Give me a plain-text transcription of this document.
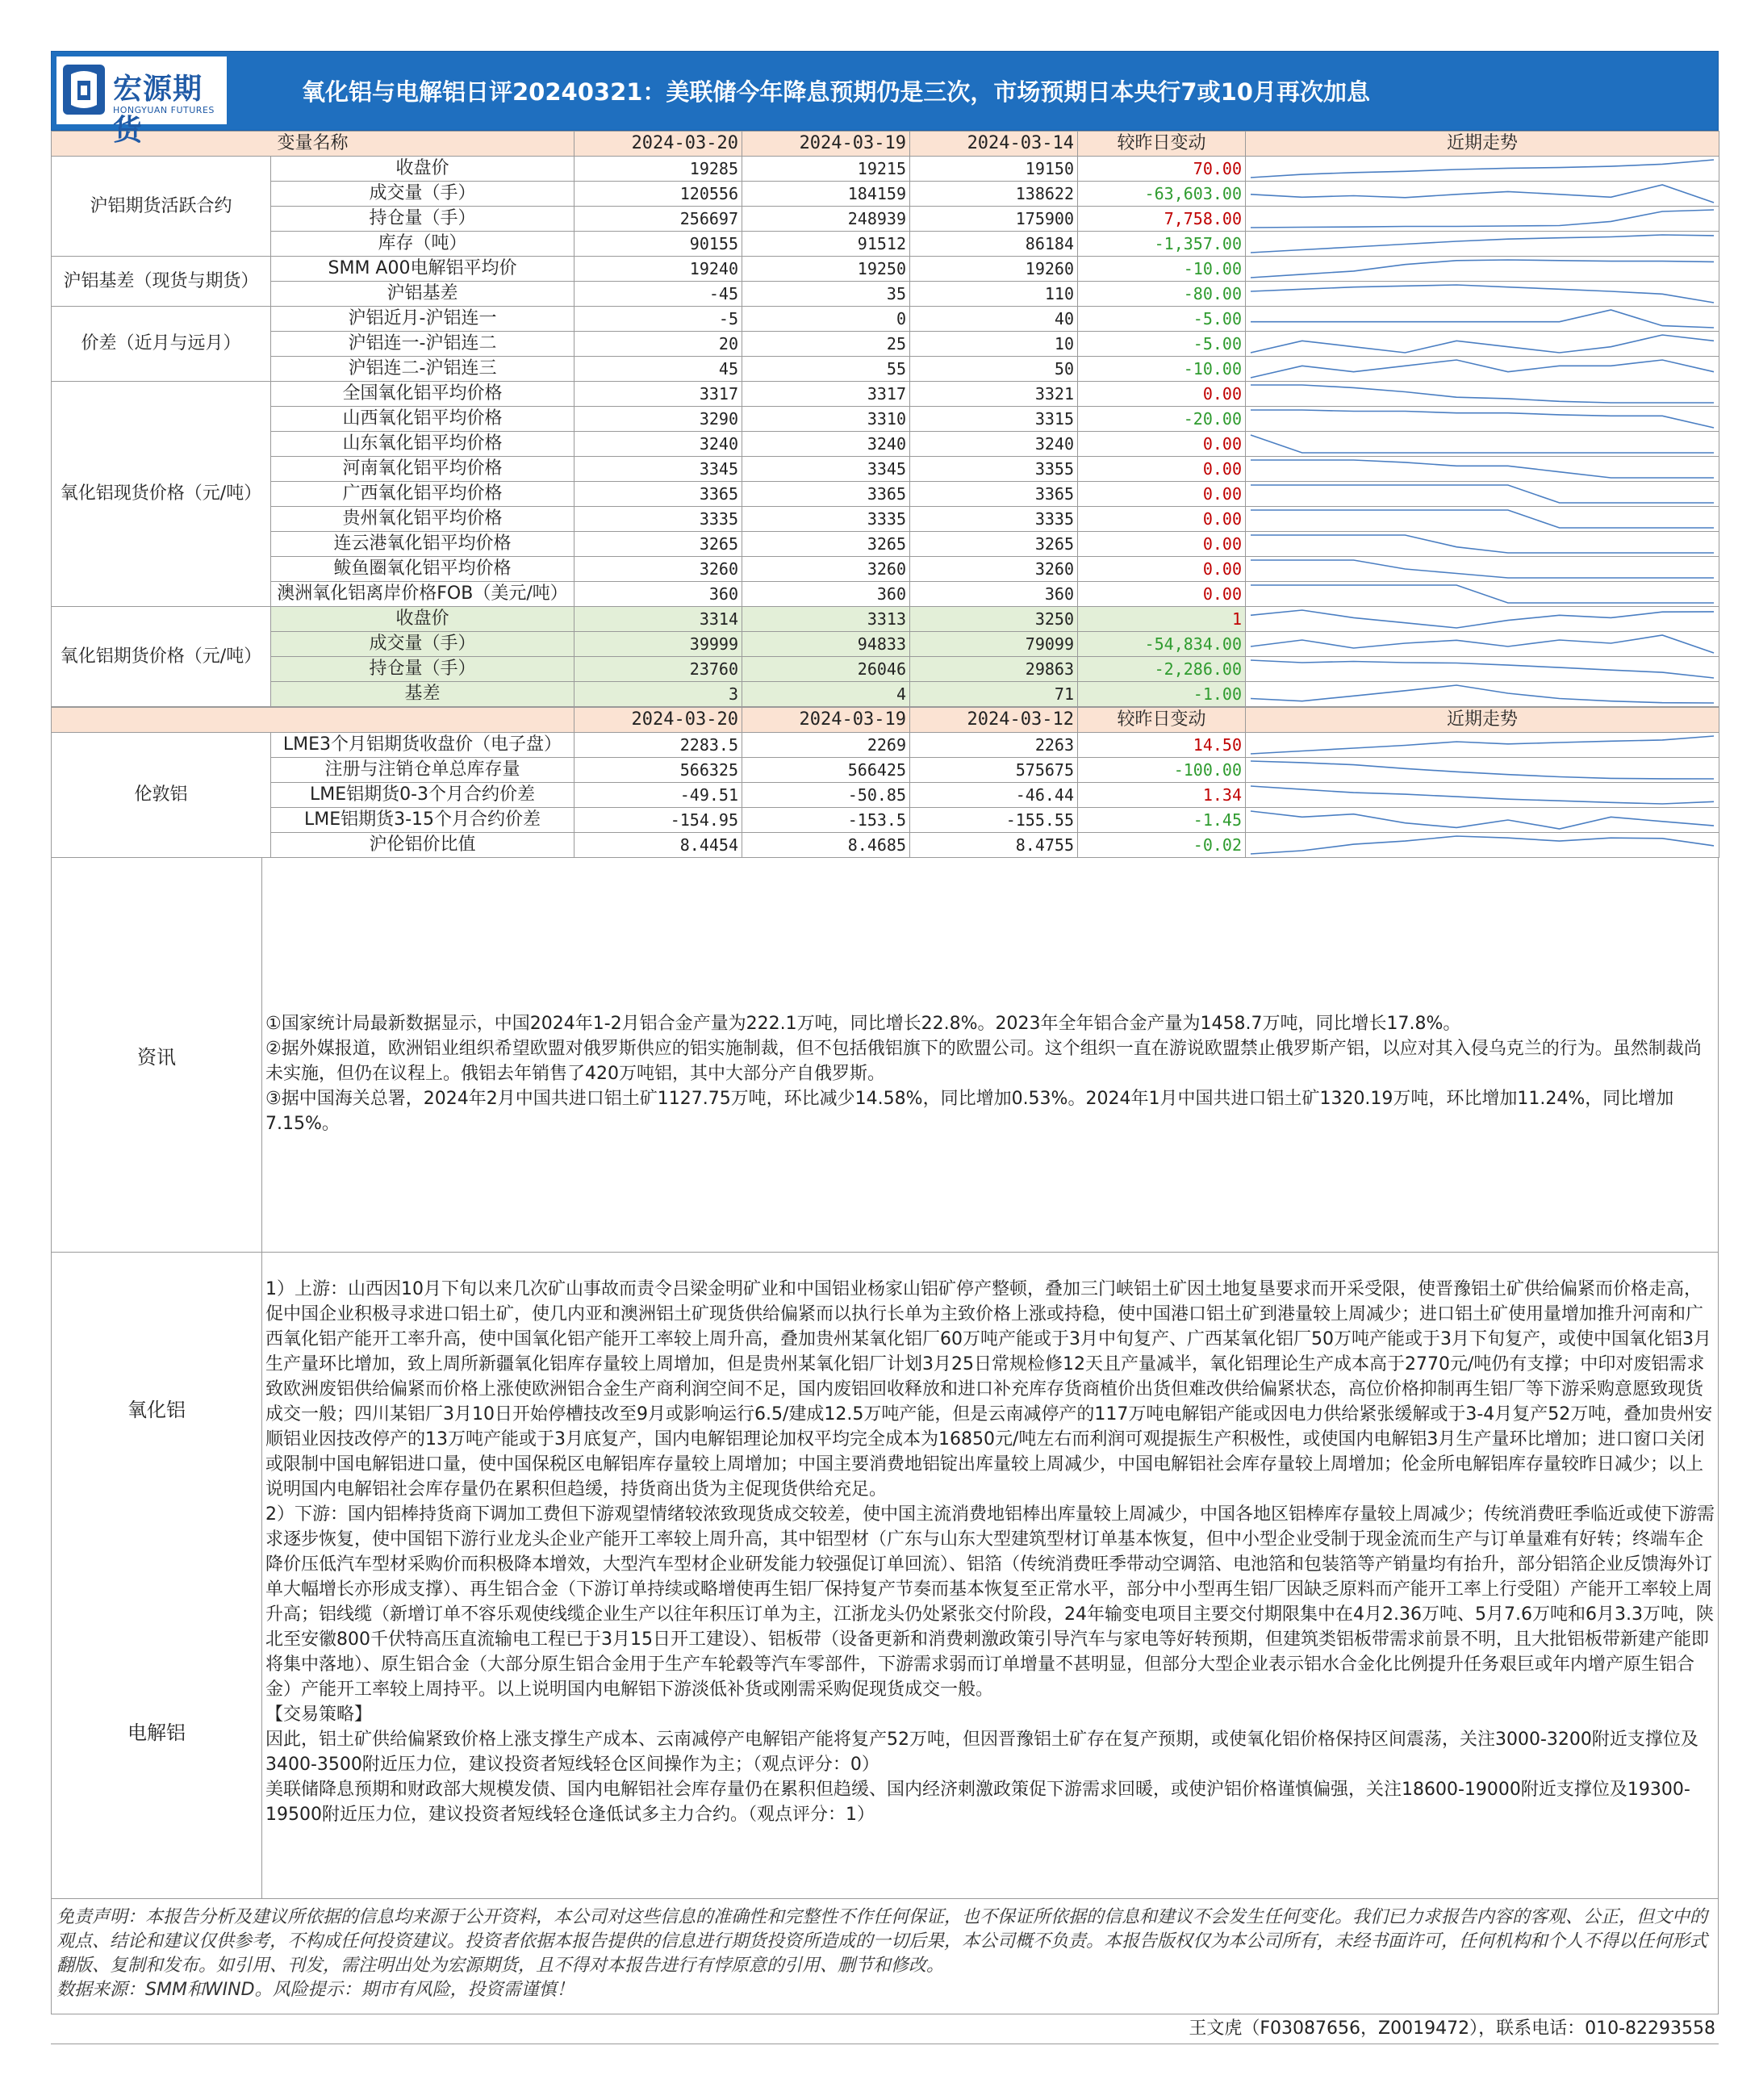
宏源期货
HONGYUAN FUTURES
氧化铝与电解铝日评20240321：美联储今年降息预期仍是三次，市场预期日本央行7或10月再次加息
变量名称		2024-03-20	2024-03-19	2024-03-14	较昨日变动	近期走势
沪铝期货活跃合约	收盘价	19285	19215	19150	70.00	

	成交量（手）	120556	184159	138622	-63,603.00	

	持仓量（手）	256697	248939	175900	7,758.00	

	库存（吨）	90155	91512	86184	-1,357.00	

沪铝基差（现货与期货）	SMM A00电解铝平均价	19240	19250	19260	-10.00	

	沪铝基差	-45	35	110	-80.00	

价差（近月与远月）	沪铝近月-沪铝连一	-5	0	40	-5.00	

	沪铝连一-沪铝连二	20	25	10	-5.00	

	沪铝连二-沪铝连三	45	55	50	-10.00	

氧化铝现货价格（元/吨）	全国氧化铝平均价格	3317	3317	3321	0.00	

	山西氧化铝平均价格	3290	3310	3315	-20.00	

	山东氧化铝平均价格	3240	3240	3240	0.00	

	河南氧化铝平均价格	3345	3345	3355	0.00	

	广西氧化铝平均价格	3365	3365	3365	0.00	

	贵州氧化铝平均价格	3335	3335	3335	0.00	

	连云港氧化铝平均价格	3265	3265	3265	0.00	

	鲅鱼圈氧化铝平均价格	3260	3260	3260	0.00	

	澳洲氧化铝离岸价格FOB（美元/吨）	360	360	360	0.00	

氧化铝期货价格（元/吨）	收盘价	3314	3313	3250	1	

	成交量（手）	39999	94833	79099	-54,834.00	

	持仓量（手）	23760	26046	29863	-2,286.00	

	基差	3	4	71	-1.00	
		2024-03-20	2024-03-19	2024-03-12	较昨日变动	近期走势
伦敦铝	LME3个月铝期货收盘价（电子盘）	2283.5	2269	2263	14.50	

	注册与注销仓单总库存量	566325	566425	575675	-100.00	

	LME铝期货0-3个月合约价差	-49.51	-50.85	-46.44	1.34	

	LME铝期货3-15个月合约价差	-154.95	-153.5	-155.55	-1.45	

	沪伦铝价比值	8.4454	8.4685	8.4755	-0.02	
资讯
①国家统计局最新数据显示，中国2024年1-2月铝合金产量为222.1万吨，同比增长22.8%。2023年全年铝合金产量为1458.7万吨，同比增长17.8%。
②据外媒报道，欧洲铝业组织希望欧盟对俄罗斯供应的铝实施制裁，但不包括俄铝旗下的欧盟公司。这个组织一直在游说欧盟禁止俄罗斯产铝，以应对其入侵乌克兰的行为。虽然制裁尚未实施，但仍在议程上。俄铝去年销售了420万吨铝，其中大部分产自俄罗斯。
③据中国海关总署，2024年2月中国共进口铝土矿1127.75万吨，环比减少14.58%，同比增加0.53%。2024年1月中国共进口铝土矿1320.19万吨，环比增加11.24%，同比增加7.15%。
氧化铝
电解铝

1）上游：山西因10月下旬以来几次矿山事故而责令吕梁金明矿业和中国铝业杨家山铝矿停产整顿，叠加三门峡铝土矿因土地复垦要求而开采受限，使晋豫铝土矿供给偏紧而价格走高，促中国企业积极寻求进口铝土矿，使几内亚和澳洲铝土矿现货供给偏紧而以执行长单为主致价格上涨或持稳，使中国港口铝土矿到港量较上周减少；进口铝土矿使用量增加推升河南和广西氧化铝产能开工率升高，使中国氧化铝产能开工率较上周升高，叠加贵州某氧化铝厂60万吨产能或于3月中旬复产、广西某氧化铝厂50万吨产能或于3月下旬复产，或使中国氧化铝3月生产量环比增加，致上周所新疆氧化铝库存量较上周增加，但是贵州某氧化铝厂计划3月25日常规检修12天且产量减半，氧化铝理论生产成本高于2770元/吨仍有支撑；中印对废铝需求致欧洲废铝供给偏紧而价格上涨使欧洲铝合金生产商利润空间不足，国内废铝回收释放和进口补充库存货商植价出货但难改供给偏紧状态，高位价格抑制再生铝厂等下游采购意愿致现货成交一般；四川某铝厂3月10日开始停槽技改至9月或影响运行6.5/建成12.5万吨产能，但是云南减停产的117万吨电解铝产能或因电力供给紧张缓解或于3-4月复产52万吨，叠加贵州安顺铝业因技改停产的13万吨产能或于3月底复产，国内电解铝理论加权平均完全成本为16850元/吨左右而利润可观提振生产积极性，或使国内电解铝3月生产量环比增加；进口窗口关闭或限制中国电解铝进口量，使中国保税区电解铝库存量较上周增加；中国主要消费地铝锭出库量较上周减少，中国电解铝社会库存量较上周增加；伦金所电解铝库存量较昨日减少；以上说明国内电解铝社会库存量仍在累积但趋缓，持货商出货为主促现货供给充足。

2）下游：国内铝棒持货商下调加工费但下游观望情绪较浓致现货成交较差，使中国主流消费地铝棒出库量较上周减少，中国各地区铝棒库存量较上周减少；传统消费旺季临近或使下游需求逐步恢复，使中国铝下游行业龙头企业产能开工率较上周升高，其中铝型材（广东与山东大型建筑型材订单基本恢复，但中小型企业受制于现金流而生产与订单量难有好转；终端车企降价压低汽车型材采购价而积极降本增效，大型汽车型材企业研发能力较强促订单回流）、铝箔（传统消费旺季带动空调箔、电池箔和包装箔等产销量均有抬升，部分铝箔企业反馈海外订单大幅增长亦形成支撑）、再生铝合金（下游订单持续或略增使再生铝厂保持复产节奏而基本恢复至正常水平，部分中小型再生铝厂因缺乏原料而产能开工率上行受阻）产能开工率较上周升高；铝线缆（新增订单不容乐观使线缆企业生产以往年积压订单为主，江浙龙头仍处紧张交付阶段，24年输变电项目主要交付期限集中在4月2.36万吨、5月7.6万吨和6月3.3万吨，陕北至安徽800千伏特高压直流输电工程已于3月15日开工建设）、铝板带（设备更新和消费刺激政策引导汽车与家电等好转预期，但建筑类铝板带需求前景不明，且大批铝板带新建产能即将集中落地）、原生铝合金（大部分原生铝合金用于生产车轮毂等汽车零部件，下游需求弱而订单增量不甚明显，但部分大型企业表示铝水合金化比例提升任务艰巨或年内增产原生铝合金）产能开工率较上周持平。以上说明国内电解铝下游淡低补货或刚需采购促现货成交一般。

【交易策略】

因此，铝土矿供给偏紧致价格上涨支撑生产成本、云南减停产电解铝产能将复产52万吨，但因晋豫铝土矿存在复产预期，或使氧化铝价格保持区间震荡，关注3000-3200附近支撑位及3400-3500附近压力位，建议投资者短线轻仓区间操作为主；（观点评分：0）

美联储降息预期和财政部大规模发债、国内电解铝社会库存量仍在累积但趋缓、国内经济刺激政策促下游需求回暖，或使沪铝价格谨慎偏强，关注18600-19000附近支撑位及19300-19500附近压力位，建议投资者短线轻仓逢低试多主力合约。（观点评分：1）

免责声明：本报告分析及建议所依据的信息均来源于公开资料，本公司对这些信息的准确性和完整性不作任何保证，也不保证所依据的信息和建议不会发生任何变化。我们已力求报告内容的客观、公正，但文中的观点、结论和建议仅供参考，不构成任何投资建议。投资者依据本报告提供的信息进行期货投资所造成的一切后果，本公司概不负责。本报告版权仅为本公司所有，未经书面许可，任何机构和个人不得以任何形式翻版、复制和发布。如引用、刊发，需注明出处为宏源期货，且不得对本报告进行有悖原意的引用、删节和修改。
数据来源：SMM和WIND。风险提示：期市有风险，投资需谨慎！
王文虎（F03087656，Z0019472），联系电话：010-82293558
